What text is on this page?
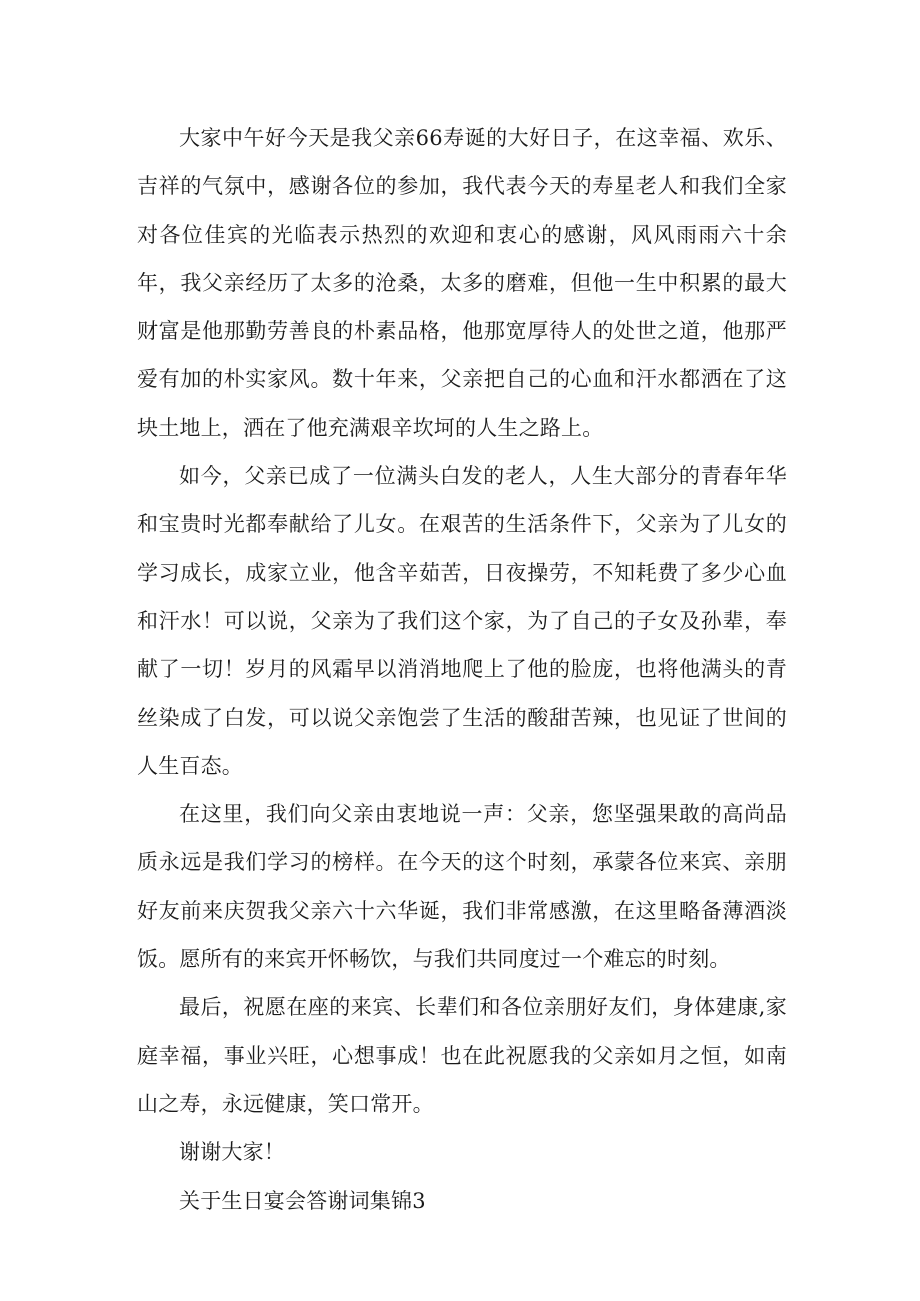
大家中午好今天是我父亲66寿诞的大好日子，在这幸福、欢乐、吉祥的气氛中，感谢各位的参加，我代表今天的寿星老人和我们全家对各位佳宾的光临表示热烈的欢迎和衷心的感谢，风风雨雨六十余年，我父亲经历了太多的沧桑，太多的磨难，但他一生中积累的最大财富是他那勤劳善良的朴素品格，他那宽厚待人的处世之道，他那严爱有加的朴实家风。数十年来，父亲把自己的心血和汗水都洒在了这块土地上，洒在了他充满艰辛坎坷的人生之路上。

如今，父亲已成了一位满头白发的老人，人生大部分的青春年华和宝贵时光都奉献给了儿女。在艰苦的生活条件下，父亲为了儿女的学习成长，成家立业，他含辛茹苦，日夜操劳，不知耗费了多少心血和汗水！可以说，父亲为了我们这个家，为了自己的子女及孙辈，奉献了一切！岁月的风霜早以消消地爬上了他的脸庞，也将他满头的青丝染成了白发，可以说父亲饱尝了生活的酸甜苦辣，也见证了世间的人生百态。

在这里，我们向父亲由衷地说一声：父亲，您坚强果敢的高尚品质永远是我们学习的榜样。在今天的这个时刻，承蒙各位来宾、亲朋好友前来庆贺我父亲六十六华诞，我们非常感激，在这里略备薄酒淡饭。愿所有的来宾开怀畅饮，与我们共同度过一个难忘的时刻。

最后，祝愿在座的来宾、长辈们和各位亲朋好友们，身体建康,家庭幸福，事业兴旺，心想事成！也在此祝愿我的父亲如月之恒，如南山之寿，永远健康，笑口常开。

谢谢大家！

关于生日宴会答谢词集锦3
